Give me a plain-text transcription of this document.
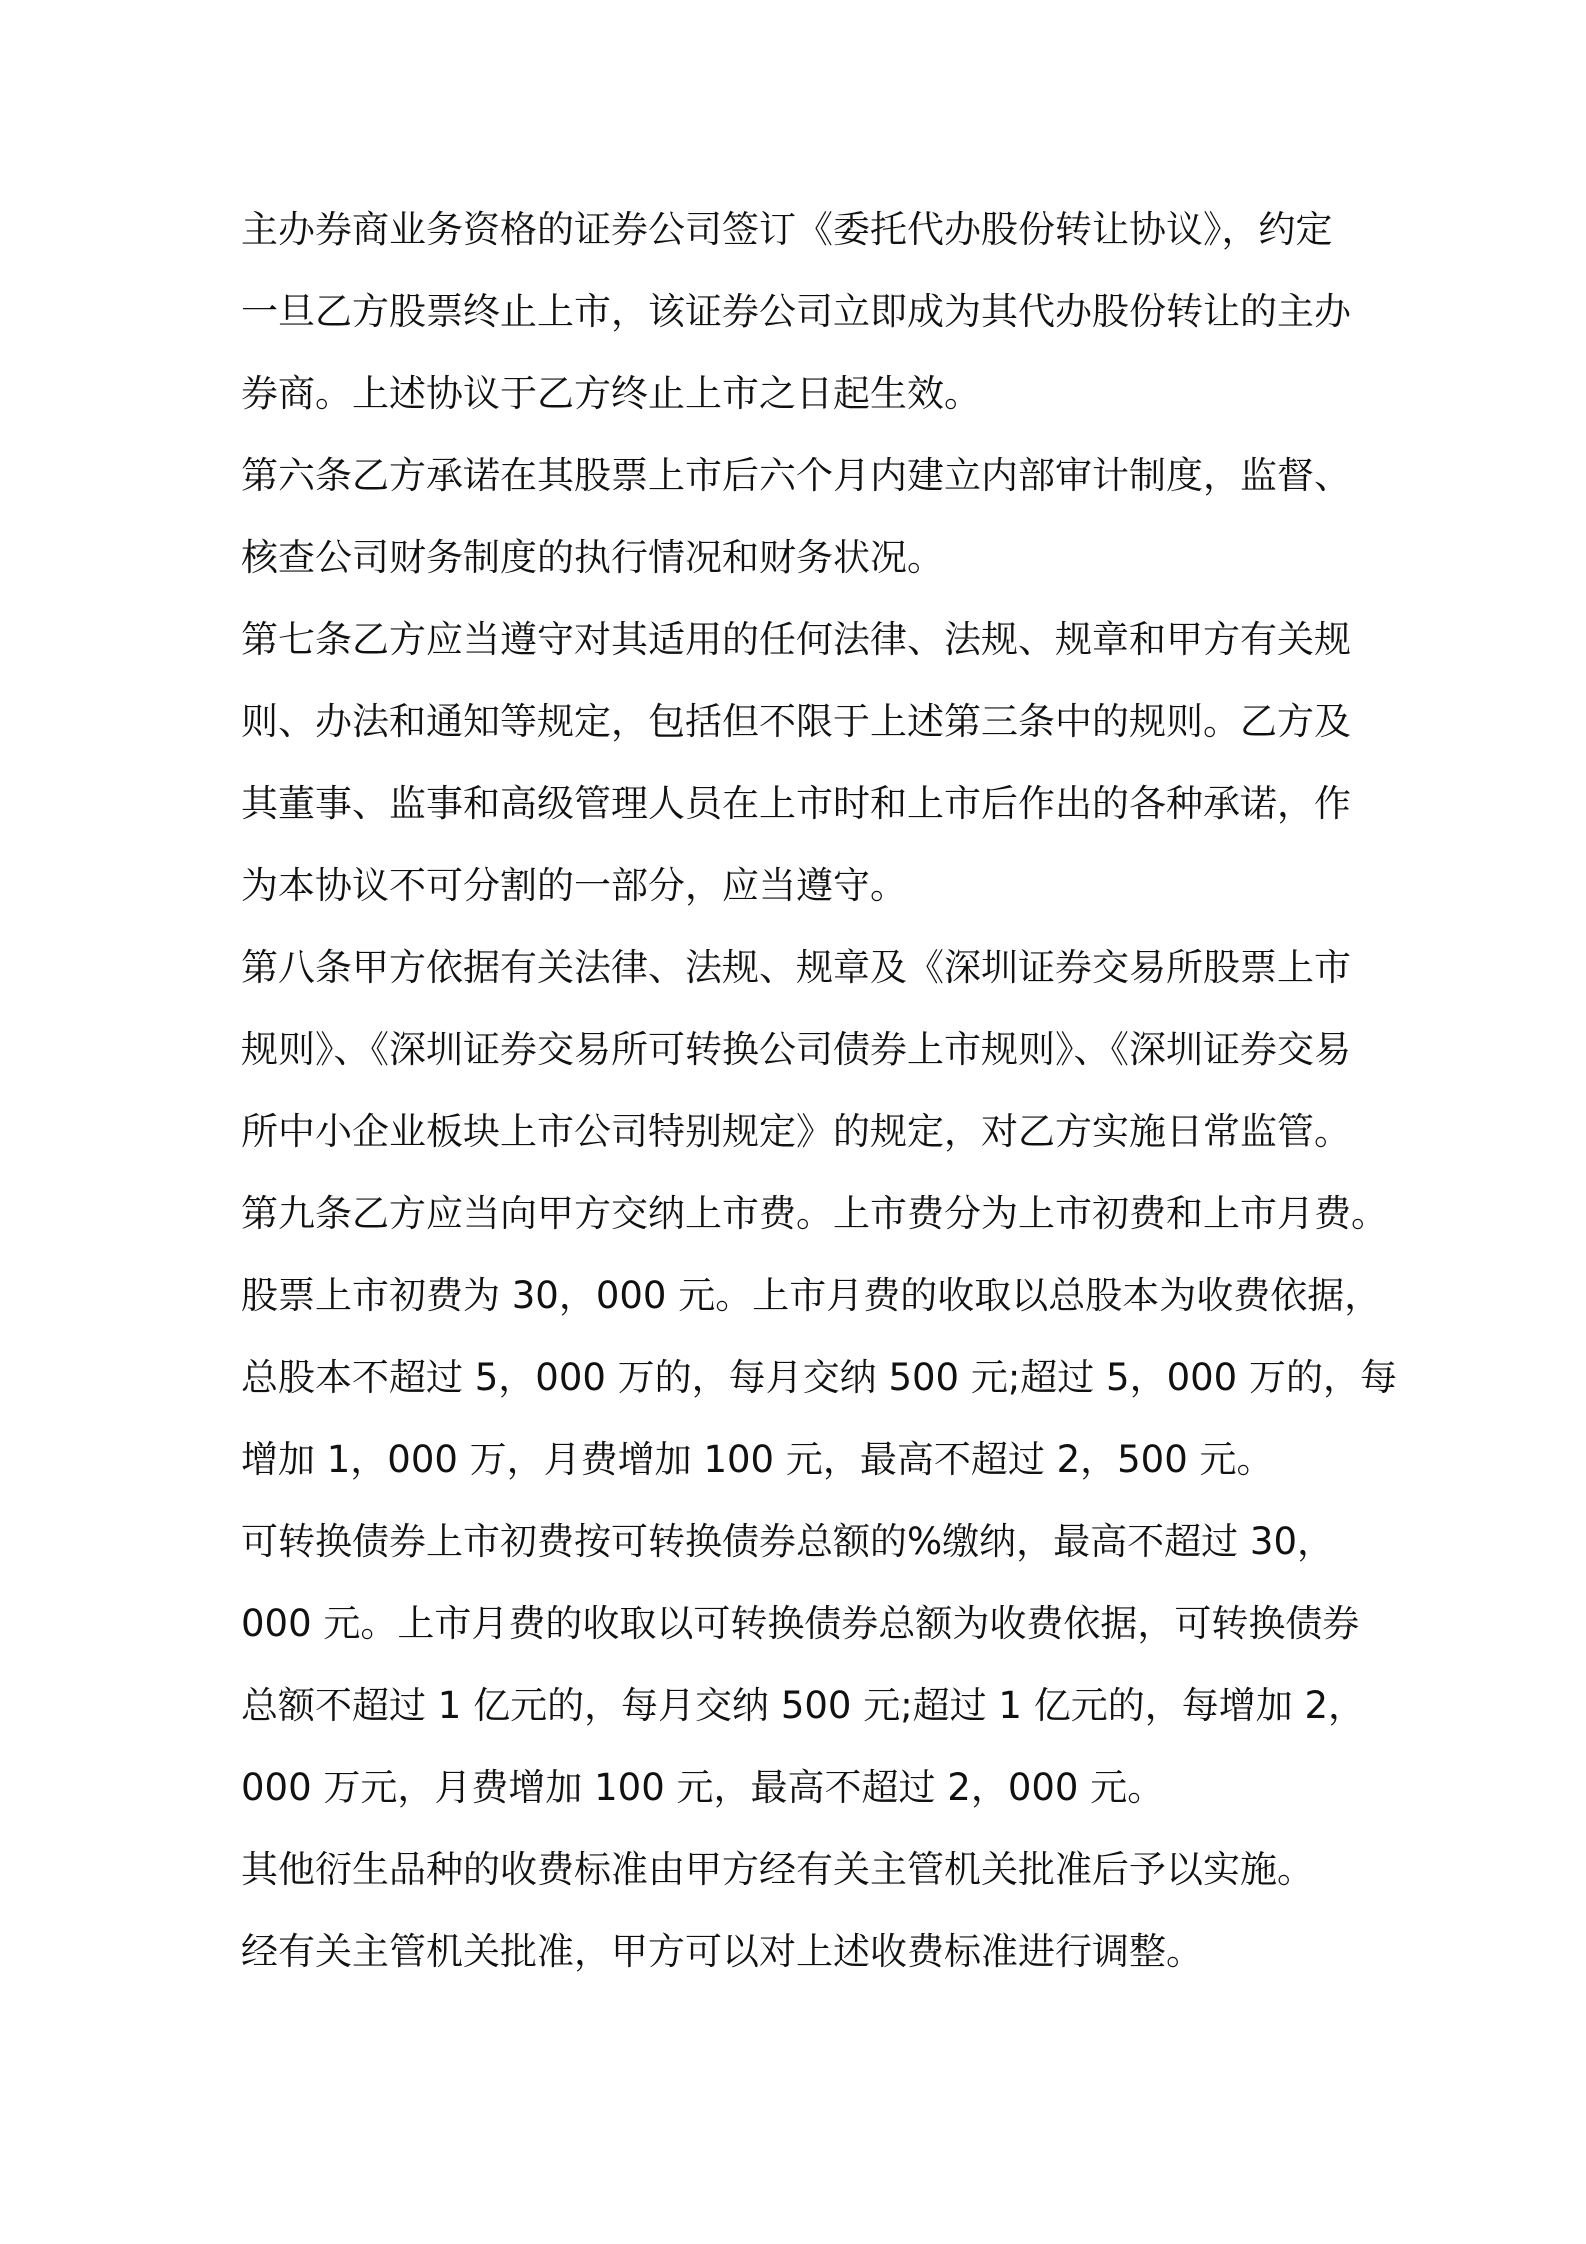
主办券商业务资格的证券公司签订《委托代办股份转让协议》，约定

一旦乙方股票终止上市，该证券公司立即成为其代办股份转让的主办

券商。上述协议于乙方终止上市之日起生效。

第六条乙方承诺在其股票上市后六个月内建立内部审计制度，监督、

核查公司财务制度的执行情况和财务状况。

第七条乙方应当遵守对其适用的任何法律、法规、规章和甲方有关规

则、办法和通知等规定，包括但不限于上述第三条中的规则。乙方及

其董事、监事和高级管理人员在上市时和上市后作出的各种承诺，作

为本协议不可分割的一部分，应当遵守。

第八条甲方依据有关法律、法规、规章及《深圳证券交易所股票上市

规则》、《深圳证券交易所可转换公司债券上市规则》、《深圳证券交易

所中小企业板块上市公司特别规定》的规定，对乙方实施日常监管。

第九条乙方应当向甲方交纳上市费。上市费分为上市初费和上市月费。

股票上市初费为 30，000 元。上市月费的收取以总股本为收费依据，

总股本不超过 5，000 万的，每月交纳 500 元;超过 5，000 万的，每

增加 1，000 万，月费增加 100 元，最高不超过 2，500 元。

可转换债券上市初费按可转换债券总额的%缴纳，最高不超过 30，

000 元。上市月费的收取以可转换债券总额为收费依据，可转换债券

总额不超过 1 亿元的，每月交纳 500 元;超过 1 亿元的，每增加 2，

000 万元，月费增加 100 元，最高不超过 2，000 元。

其他衍生品种的收费标准由甲方经有关主管机关批准后予以实施。

经有关主管机关批准，甲方可以对上述收费标准进行调整。
